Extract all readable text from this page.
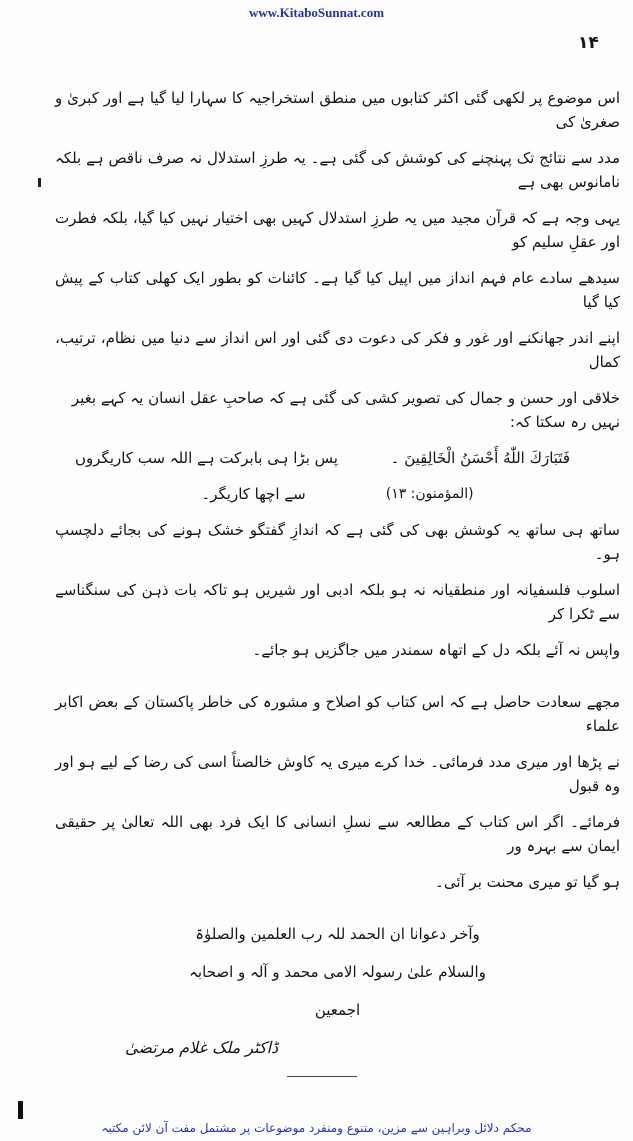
www.KitaboSunnat.com
۱۴
اس موضوع پر لکھی گئی اکثر کتابوں میں منطق استخراجیہ کا سہارا لیا گیا ہے اور کبریٰ و صغریٰ کی
مدد سے نتائج تک پہنچنے کی کوشش کی گئی ہے۔ یہ طرزِ استدلال نہ صرف ناقص ہے بلکہ نامانوس بھی ہے
یہی وجہ ہے کہ قرآن مجید میں یہ طرزِ استدلال کہیں بھی اختیار نہیں کیا گیا، بلکہ فطرت اور عقلِ سلیم کو
سیدھے سادے عام فہم انداز میں اپیل کیا گیا ہے۔ کائنات کو بطور ایک کھلی کتاب کے پیش کیا گیا
اپنے اندر جھانکنے اور غور و فکر کی دعوت دی گئی اور اس انداز سے دنیا میں نظام، ترتیب، کمال
خلاقی اور حسن و جمال کی تصویر کشی کی گئی ہے کہ صاحبِ عقل انسان یہ کہے بغیر نہیں رہ سکتا کہ:
فَتَبَارَكَ اللّٰهُ أَحْسَنُ الْخَالِقِينَ ۔
پس بڑا ہی بابرکت ہے اللہ سب کاریگروں
(المؤمنون: ۱۳)
سے اچھا کاریگر۔
ساتھ ہی ساتھ یہ کوشش بھی کی گئی ہے کہ اندازِ گفتگو خشک ہونے کی بجائے دلچسپ ہو۔
اسلوب فلسفیانہ اور منطقیانہ نہ ہو بلکہ ادبی اور شیریں ہو تاکہ بات ذہن کی سنگناسے سے ٹکرا کر
واپس نہ آئے بلکہ دل کے اتھاہ سمندر میں جاگزیں ہو جائے۔
مجھے سعادت حاصل ہے کہ اس کتاب کو اصلاح و مشورہ کی خاطر پاکستان کے بعض اکابر علماء
نے پڑھا اور میری مدد فرمائی۔ خدا کرے میری یہ کاوش خالصتاً اسی کی رضا کے لیے ہو اور وہ قبول
فرمائے۔ اگر اس کتاب کے مطالعہ سے نسلِ انسانی کا ایک فرد بھی اللہ تعالیٰ پر حقیقی ایمان سے بہرہ ور
ہو گیا تو میری محنت بر آئی۔
وآخر دعوانا ان الحمد للہ رب العلمین والصلوٰۃ
والسلام علیٰ رسولہ الامی محمد و آلہ و اصحابہ
اجمعین
ڈاکٹر ملک غلام مرتضیٰ
محکم دلائل وبراہین سے مزین، متنوع ومنفرد موضوعات پر مشتمل مفت آن لائن مکتبہ
